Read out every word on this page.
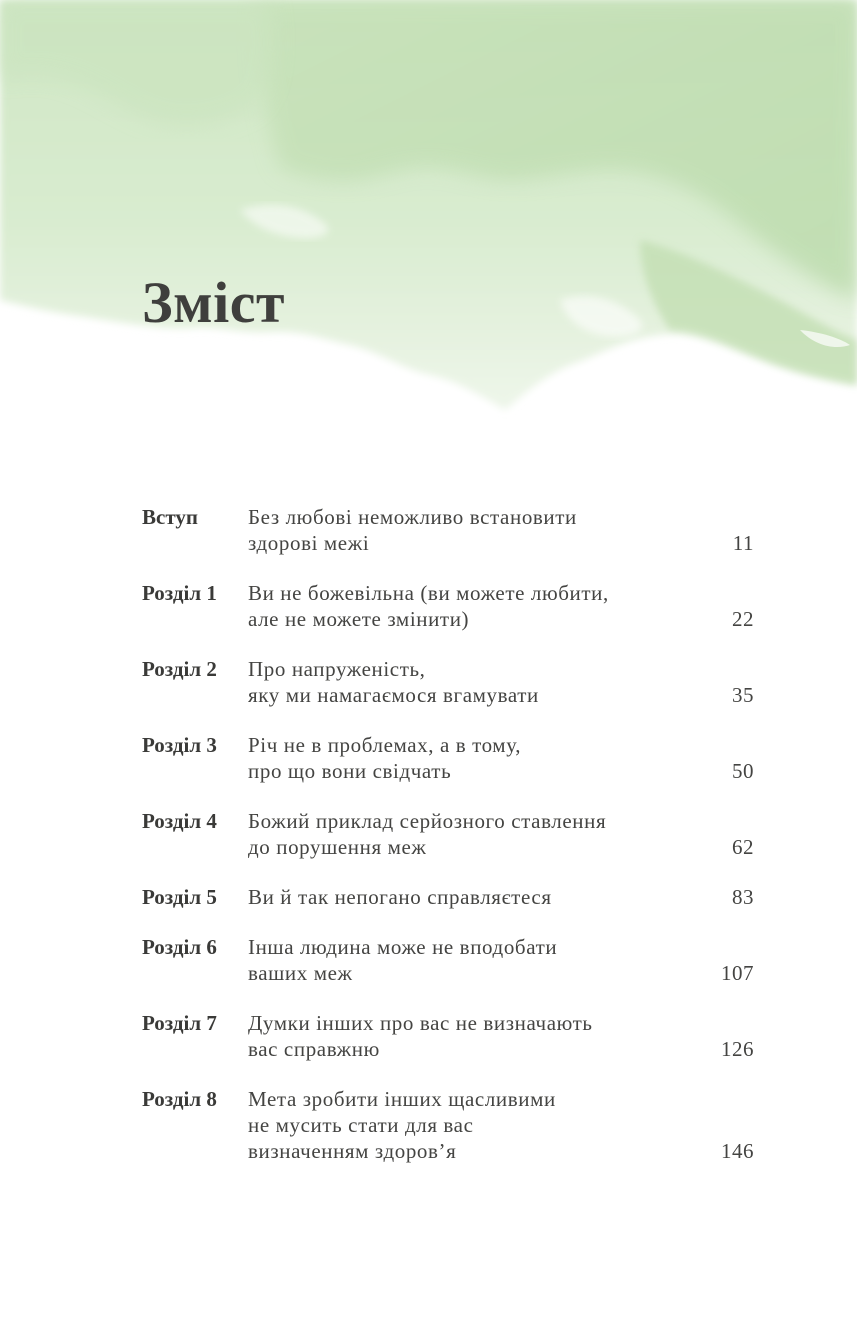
Зміст
Вступ	Без любові неможливо встановити
здорові межі	11
Розділ 1	Ви не божевільна (ви можете любити,
але не можете змінити)	22
Розділ 2	Про напруженість,
яку ми намагаємося вгамувати	35
Розділ 3	Річ не в проблемах, а в тому,
про що вони свідчать	50
Розділ 4	Божий приклад серйозного ставлення
до порушення меж	62
Розділ 5	Ви й так непогано справляєтеся	83
Розділ 6	Інша людина може не вподобати
ваших меж	107
Розділ 7	Думки інших про вас не визначають
вас справжню	126
Розділ 8	Мета зробити інших щасливими
не мусить стати для вас
визначенням здоров’я	146
